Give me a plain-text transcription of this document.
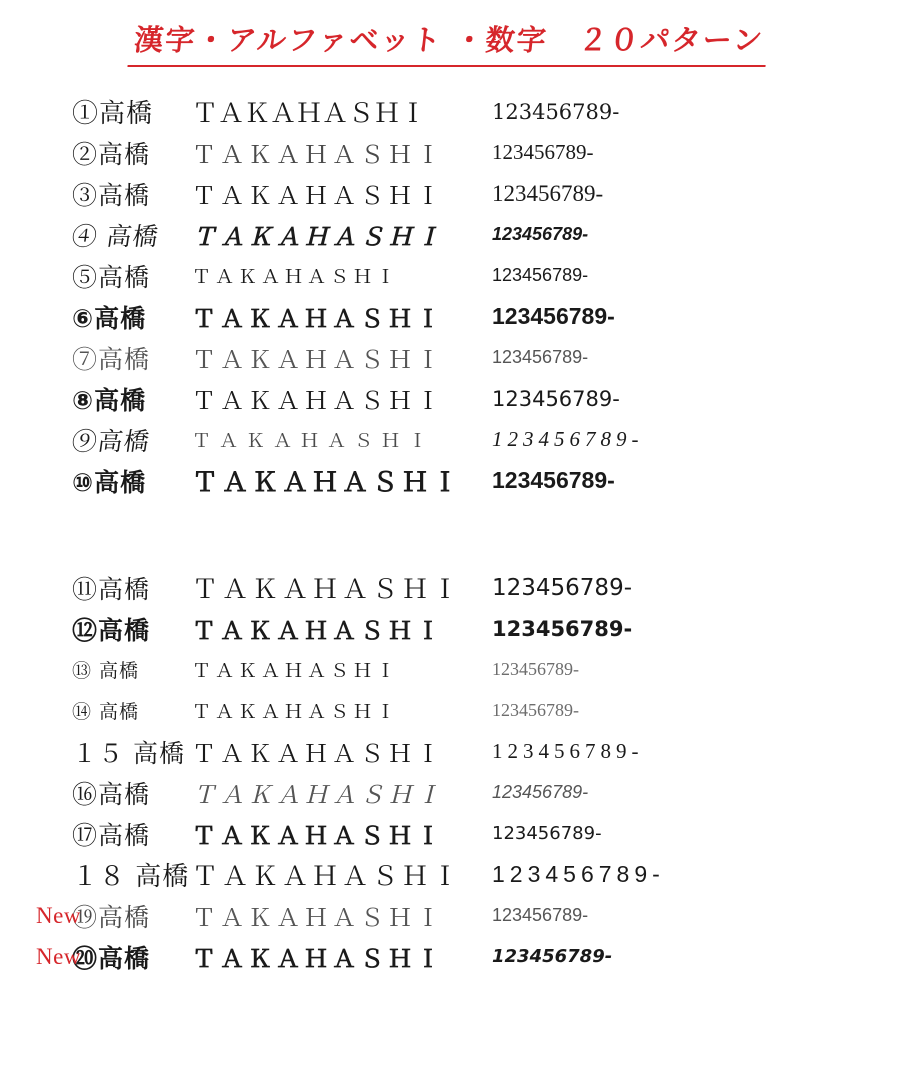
漢字・アルファベット ・数字　２０パターン
①高橋	ＴＡＫＡＨＡＳＨＩ	123456789-
②高橋	ＴＡＫＡＨＡＳＨＩ	123456789-
③高橋	ＴＡＫＡＨＡＳＨＩ	123456789-
④ 高橋	ＴＡＫＡＨＡＳＨＩ	123456789-
⑤高橋	ＴＡＫＡＨＡＳＨＩ	123456789-
⑥高橋	ＴＡＫＡＨＡＳＨＩ	123456789-
⑦高橋	ＴＡＫＡＨＡＳＨＩ	123456789-
⑧高橋	ＴＡＫＡＨＡＳＨＩ	123456789-
⑨高橋	ＴＡＫＡＨＡＳＨＩ	123456789-
⑩高橋	ＴＡＫＡＨＡＳＨＩ	123456789-
⑪高橋	ＴＡＫＡＨＡＳＨＩ	123456789-
⑫高橋	ＴＡＫＡＨＡＳＨＩ	123456789-
⑬ 高橋	ＴＡＫＡＨＡＳＨＩ	123456789-
⑭ 高橋	ＴＡＫＡＨＡＳＨＩ	123456789-
１５ 高橋 ＴＡＫＡＨＡＳＨＩ	123456789-
⑯高橋	ＴＡＫＡＨＡＳＨＩ	123456789-
⑰高橋	ＴＡＫＡＨＡＳＨＩ	123456789-
１８ 高橋 ＴＡＫＡＨＡＳＨＩ	123456789-
New
⑲高橋	ＴＡＫＡＨＡＳＨＩ	123456789-
New
⑳高橋	ＴＡＫＡＨＡＳＨＩ	123456789-
